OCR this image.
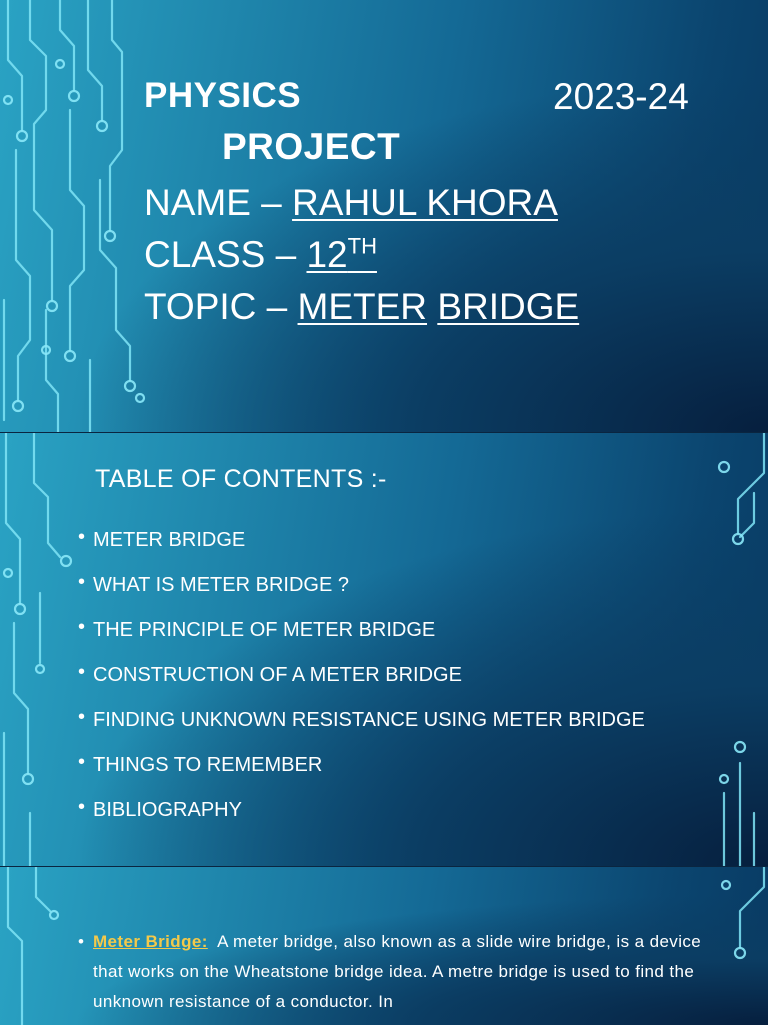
PHYSICS	2023-24
PROJECT
NAME – RAHUL KHORA
CLASS – 12TH
TOPIC – METER BRIDGE
TABLE OF CONTENTS :-
• METER BRIDGE
• WHAT IS METER BRIDGE ?
• THE PRINCIPLE OF METER BRIDGE
• CONSTRUCTION OF A METER BRIDGE
• FINDING UNKNOWN RESISTANCE USING METER BRIDGE
• THINGS TO REMEMBER
• BIBLIOGRAPHY

• Meter Bridge: A meter bridge, also known as a slide wire bridge, is a device that works on the Wheatstone bridge idea. A metre bridge is used to find the unknown resistance of a conductor. In
